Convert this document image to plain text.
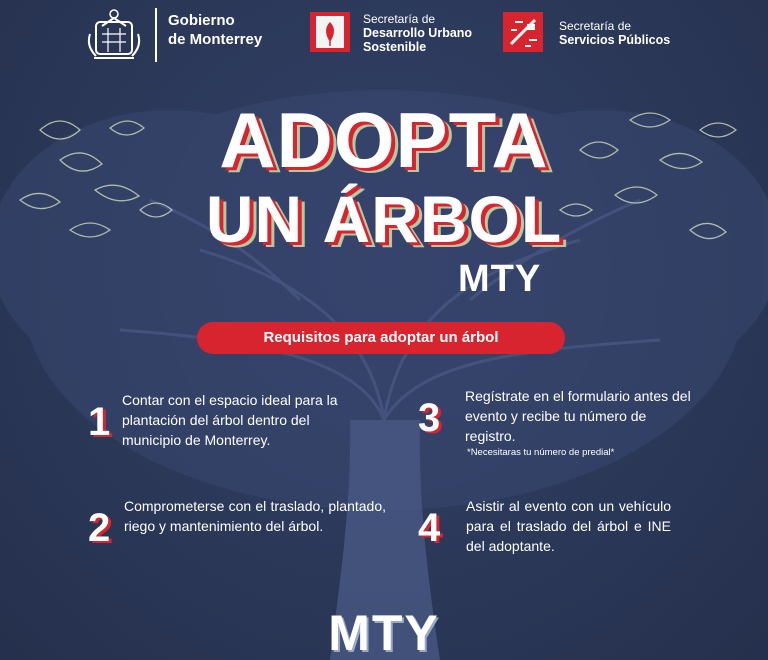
Gobierno
de Monterrey
Secretaría de
Desarrollo Urbano
Sostenible
Secretaría de
Servicios Públicos
ADOPTA
UN ÁRBOL
MTY
Requisitos para adoptar un árbol
1 Contar con el espacio ideal para la plantación del árbol dentro del municipio de Monterrey.
2 Comprometerse con el traslado, plantado, riego y mantenimiento del árbol.
3 Regístrate en el formulario antes del evento y recibe tu número de registro.
*Necesitaras tu número de predial*
4 Asistir al evento con un vehículo para el traslado del árbol e INE del adoptante.
MTY
